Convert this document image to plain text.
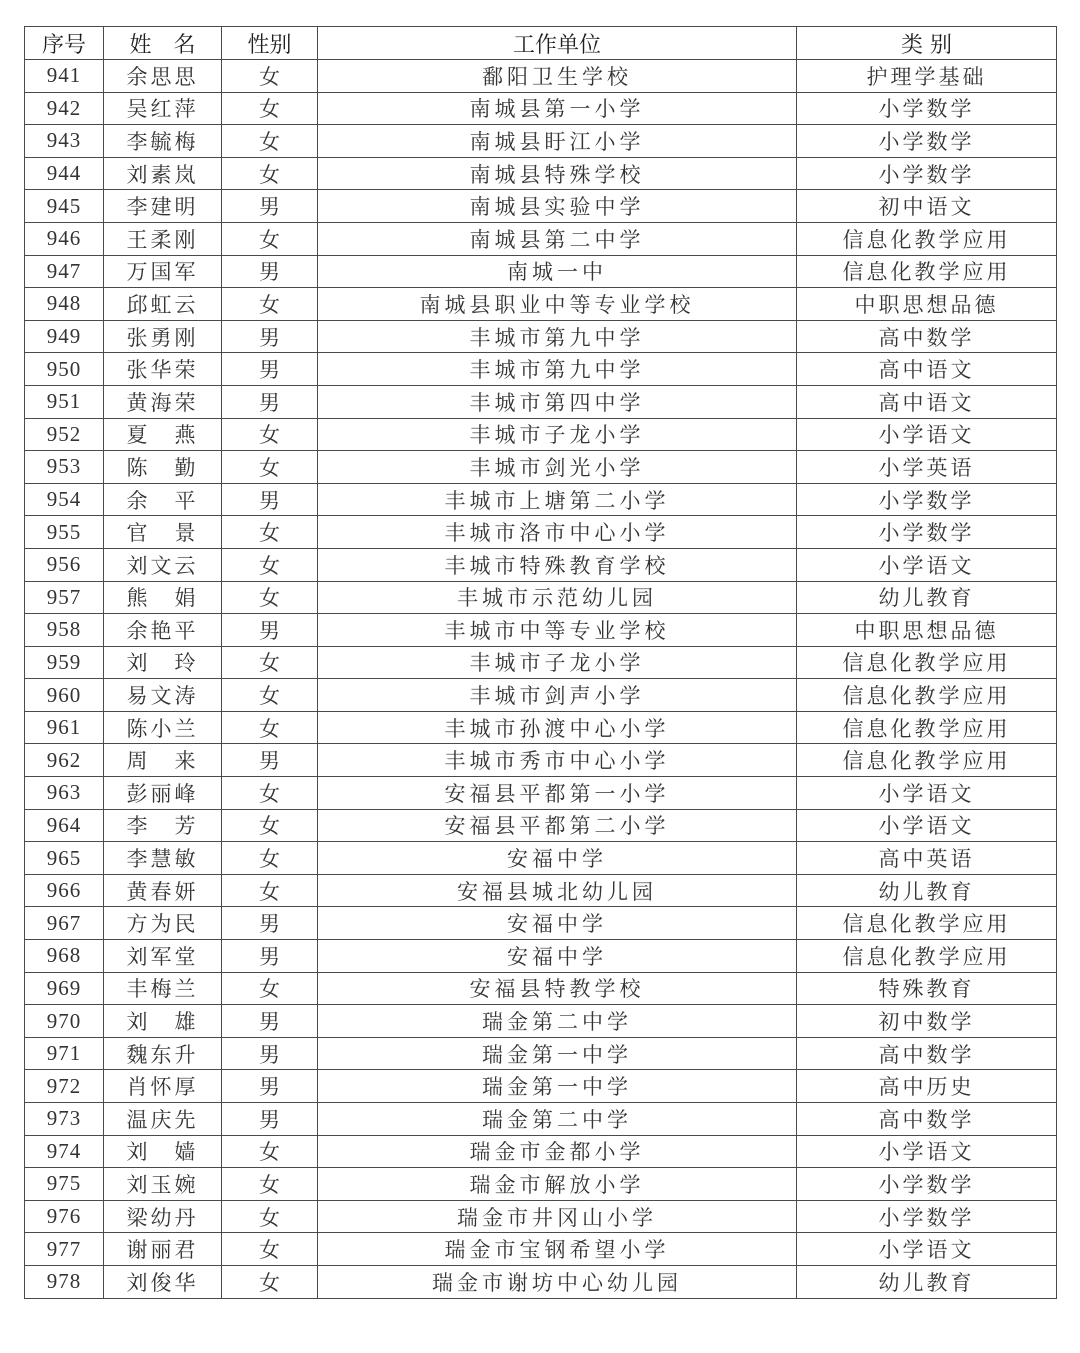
序号	姓　名	性别	工作单位	类 别
941	余思思	女	鄱阳卫生学校	护理学基础
942	吴红萍	女	南城县第一小学	小学数学
943	李毓梅	女	南城县盱江小学	小学数学
944	刘素岚	女	南城县特殊学校	小学数学
945	李建明	男	南城县实验中学	初中语文
946	王柔刚	女	南城县第二中学	信息化教学应用
947	万国军	男	南城一中	信息化教学应用
948	邱虹云	女	南城县职业中等专业学校	中职思想品德
949	张勇刚	男	丰城市第九中学	高中数学
950	张华荣	男	丰城市第九中学	高中语文
951	黄海荣	男	丰城市第四中学	高中语文
952	夏　燕	女	丰城市子龙小学	小学语文
953	陈　勤	女	丰城市剑光小学	小学英语
954	余　平	男	丰城市上塘第二小学	小学数学
955	官　景	女	丰城市洛市中心小学	小学数学
956	刘文云	女	丰城市特殊教育学校	小学语文
957	熊　娟	女	丰城市示范幼儿园	幼儿教育
958	余艳平	男	丰城市中等专业学校	中职思想品德
959	刘　玲	女	丰城市子龙小学	信息化教学应用
960	易文涛	女	丰城市剑声小学	信息化教学应用
961	陈小兰	女	丰城市孙渡中心小学	信息化教学应用
962	周　来	男	丰城市秀市中心小学	信息化教学应用
963	彭丽峰	女	安福县平都第一小学	小学语文
964	李　芳	女	安福县平都第二小学	小学语文
965	李慧敏	女	安福中学	高中英语
966	黄春妍	女	安福县城北幼儿园	幼儿教育
967	方为民	男	安福中学	信息化教学应用
968	刘军堂	男	安福中学	信息化教学应用
969	丰梅兰	女	安福县特教学校	特殊教育
970	刘　雄	男	瑞金第二中学	初中数学
971	魏东升	男	瑞金第一中学	高中数学
972	肖怀厚	男	瑞金第一中学	高中历史
973	温庆先	男	瑞金第二中学	高中数学
974	刘　嫱	女	瑞金市金都小学	小学语文
975	刘玉婉	女	瑞金市解放小学	小学数学
976	梁幼丹	女	瑞金市井冈山小学	小学数学
977	谢丽君	女	瑞金市宝钢希望小学	小学语文
978	刘俊华	女	瑞金市谢坊中心幼儿园	幼儿教育
